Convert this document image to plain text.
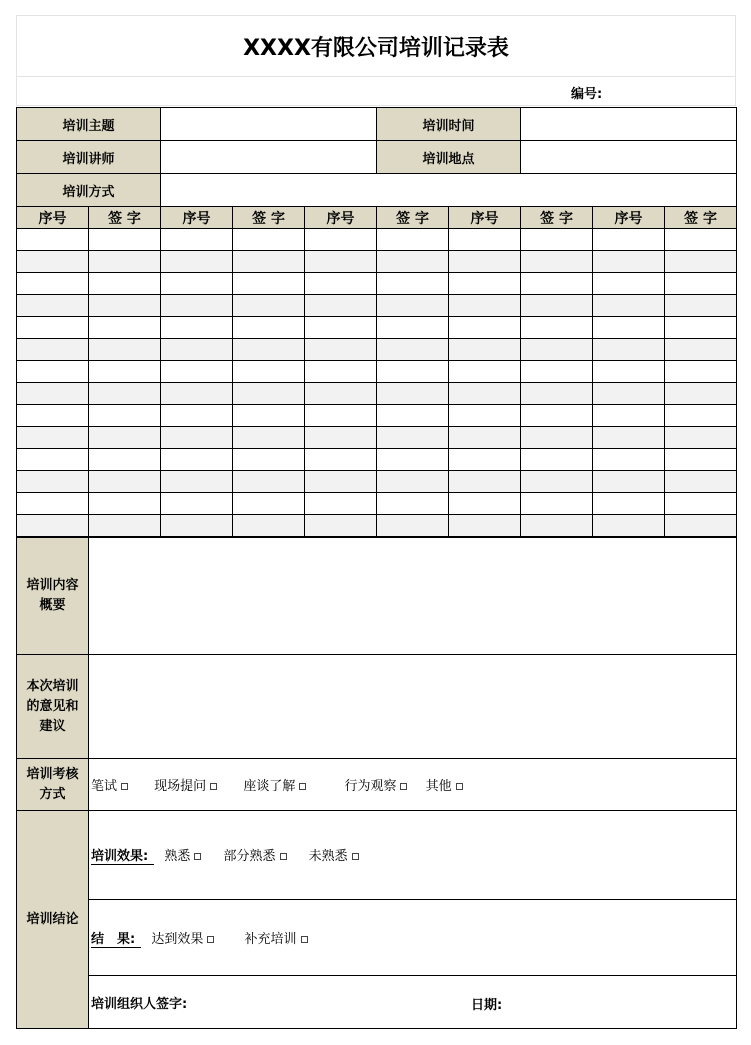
XXXX有限公司培训记录表
编号:
培训主题					培训时间				
培训讲师					培训地点				
培训方式									
序号	签 字	序号	签 字	序号	签 字	序号	签 字	序号	签 字

培训内容概要	
本次培训的意见和建议	
培训考核方式	笔试 现场提问 座谈了解 行为观察 其他
培训结论	培训效果: 熟悉 部分熟悉 未熟悉
	结　果: 达到效果 补充培训
	培训组织人签字: 日期:
